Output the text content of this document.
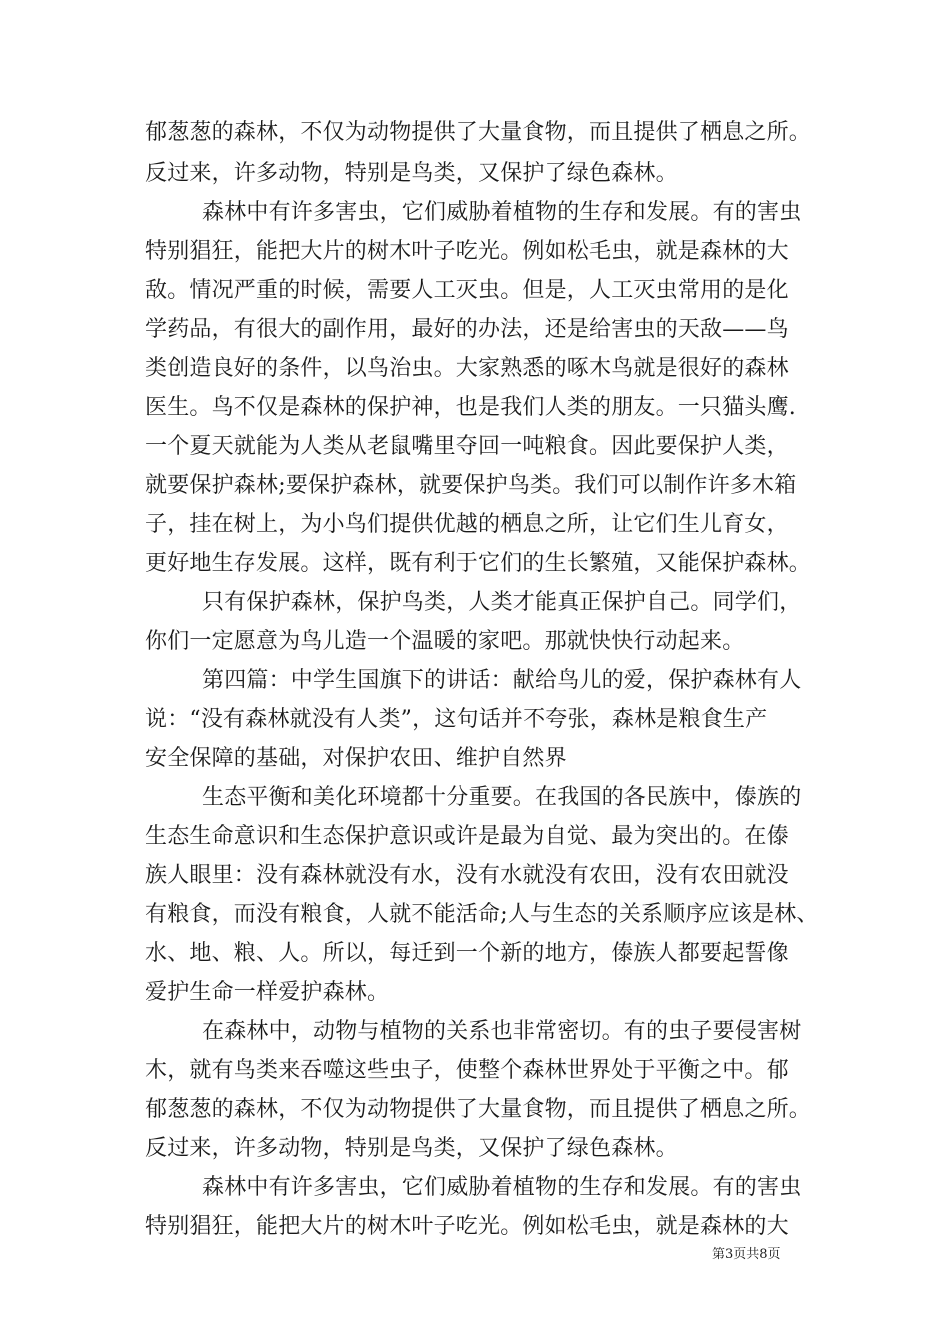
郁葱葱的森林，不仅为动物提供了大量食物，而且提供了栖息之所。
反过来，许多动物，特别是鸟类，又保护了绿色森林。
森林中有许多害虫，它们威胁着植物的生存和发展。有的害虫
特别猖狂，能把大片的树木叶子吃光。例如松毛虫，就是森林的大
敌。情况严重的时候，需要人工灭虫。但是，人工灭虫常用的是化
学药品，有很大的副作用，最好的办法，还是给害虫的天敌——鸟
类创造良好的条件，以鸟治虫。大家熟悉的啄木鸟就是很好的森林
医生。鸟不仅是森林的保护神，也是我们人类的朋友。一只猫头鹰.
一个夏天就能为人类从老鼠嘴里夺回一吨粮食。因此要保护人类，
就要保护森林;要保护森林，就要保护鸟类。我们可以制作许多木箱
子，挂在树上，为小鸟们提供优越的栖息之所，让它们生儿育女，
更好地生存发展。这样，既有利于它们的生长繁殖，又能保护森林。
只有保护森林，保护鸟类，人类才能真正保护自己。同学们，
你们一定愿意为鸟儿造一个温暖的家吧。那就快快行动起来。
第四篇：中学生国旗下的讲话：献给鸟儿的爱，保护森林有人
说：“没有森林就没有人类”，这句话并不夸张，森林是粮食生产
安全保障的基础，对保护农田、维护自然界
生态平衡和美化环境都十分重要。在我国的各民族中，傣族的
生态生命意识和生态保护意识或许是最为自觉、最为突出的。在傣
族人眼里：没有森林就没有水，没有水就没有农田，没有农田就没
有粮食，而没有粮食，人就不能活命;人与生态的关系顺序应该是林、
水、地、粮、人。所以，每迁到一个新的地方，傣族人都要起誓像
爱护生命一样爱护森林。
在森林中，动物与植物的关系也非常密切。有的虫子要侵害树
木，就有鸟类来吞噬这些虫子，使整个森林世界处于平衡之中。郁
郁葱葱的森林，不仅为动物提供了大量食物，而且提供了栖息之所。
反过来，许多动物，特别是鸟类，又保护了绿色森林。
森林中有许多害虫，它们威胁着植物的生存和发展。有的害虫
特别猖狂，能把大片的树木叶子吃光。例如松毛虫，就是森林的大
第3页共8页
